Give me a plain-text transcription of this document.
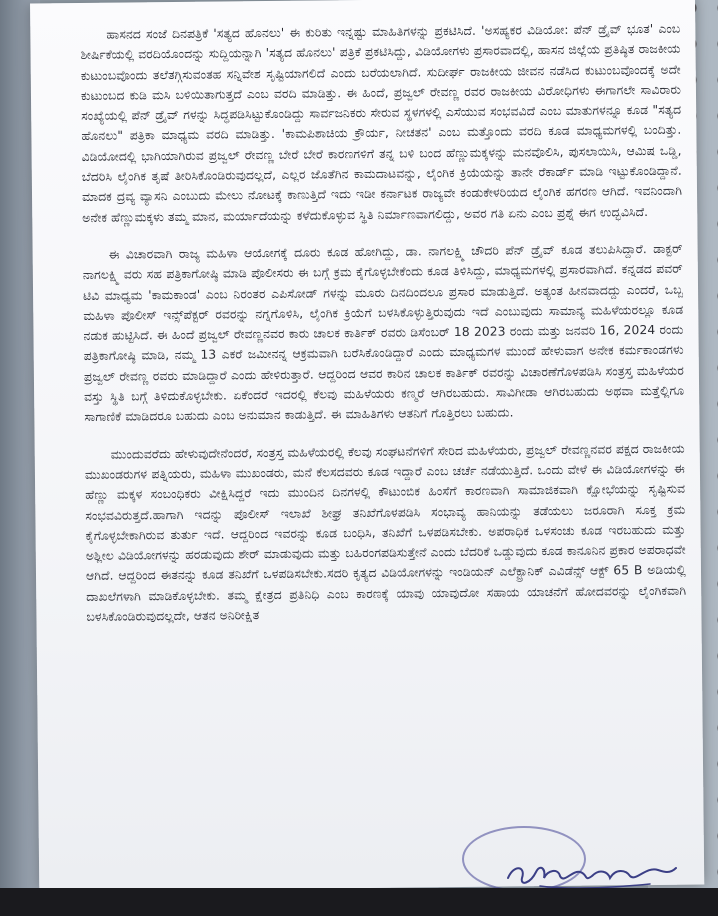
ಹಾಸನದ ಸಂಜೆ ದಿನಪತ್ರಿಕೆ 'ಸತ್ಯದ ಹೊನಲು' ಈ ಕುರಿತು ಇನ್ನಷ್ಟು ಮಾಹಿತಿಗಳನ್ನು ಪ್ರಕಟಿಸಿದೆ. 'ಅಸಹ್ಯಕರ ವಿಡಿಯೋ: ಪೆನ್ ಡ್ರೈವ್ ಭೂತ' ಎಂಬ ಶೀರ್ಷಿಕೆಯಲ್ಲಿ ವರದಿಯೊಂದನ್ನು ಸುದ್ದಿಯನ್ನಾಗಿ 'ಸತ್ಯದ ಹೊನಲು' ಪತ್ರಿಕೆ ಪ್ರಕಟಿಸಿದ್ದು, ವಿಡಿಯೋಗಳು ಪ್ರಸಾರವಾದಲ್ಲಿ, ಹಾಸನ ಜಿಲ್ಲೆಯ ಪ್ರತಿಷ್ಠಿತ ರಾಜಕೀಯ ಕುಟುಂಬವೊಂದು ತಲೆತಗ್ಗಿಸುವಂತಹ ಸನ್ನಿವೇಶ ಸೃಷ್ಟಿಯಾಗಲಿದೆ ಎಂದು ಬರೆಯಲಾಗಿದೆ. ಸುದೀರ್ಘ ರಾಜಕೀಯ ಜೀವನ ನಡೆಸಿದ ಕುಟುಂಬವೊಂದಕ್ಕೆ ಅದೇ ಕುಟುಂಬದ ಕುಡಿ ಮಸಿ ಬಳಿಯಿತಾಗುತ್ತದೆ ಎಂಬ ವರದಿ ಮಾಡಿತ್ತು. ಈ ಹಿಂದೆ, ಪ್ರಜ್ವಲ್ ರೇವಣ್ಣ ರವರ ರಾಜಕೀಯ ವಿರೋಧಿಗಳು ಈಗಾಗಲೇ ಸಾವಿರಾರು ಸಂಖ್ಯೆಯಲ್ಲಿ ಪೆನ್ ಡ್ರೈವ್ ಗಳನ್ನು ಸಿದ್ಧಪಡಿಸಿಟ್ಟುಕೊಂಡಿದ್ದು ಸಾರ್ವಜನಿಕರು ಸೇರುವ ಸ್ಥಳಗಳಲ್ಲಿ ಎಸೆಯುವ ಸಂಭವವಿದೆ ಎಂಬ ಮಾತುಗಳನ್ನೂ ಕೂಡ "ಸತ್ಯದ ಹೊನಲು" ಪತ್ರಿಕಾ ಮಾಧ್ಯಮ ವರದಿ ಮಾಡಿತ್ತು. 'ಕಾಮಪಿಶಾಚಿಯ ಕ್ರೌರ್ಯ, ನೀಚತನ' ಎಂಬ ಮತ್ತೊಂದು ವರದಿ ಕೂಡ ಮಾಧ್ಯಮಗಳಲ್ಲಿ ಬಂದಿತ್ತು. ವಿಡಿಯೋದಲ್ಲಿ ಭಾಗಿಯಾಗಿರುವ ಪ್ರಜ್ವಲ್ ರೇವಣ್ಣ ಬೇರೆ ಬೇರೆ ಕಾರಣಗಳಿಗೆ ತನ್ನ ಬಳಿ ಬಂದ ಹೆಣ್ಣುಮಕ್ಕಳನ್ನು ಮನವೊಲಿಸಿ, ಪುಸಲಾಯಿಸಿ, ಆಮಿಷ ಒಡ್ಡಿ, ಬೆದರಿಸಿ ಲೈಂಗಿಕ ತೃಷೆ ತೀರಿಸಿಕೊಂಡಿರುವುದಲ್ಲದೆ, ಎಲ್ಲರ ಜೊತೆಗಿನ ಕಾಮದಾಟವನ್ನು, ಲೈಂಗಿಕ ಕ್ರಿಯೆಯನ್ನು ತಾನೇ ರೆಕಾರ್ಡ್ ಮಾಡಿ ಇಟ್ಟುಕೊಂಡಿದ್ದಾನೆ. ಮಾದಕ ದ್ರವ್ಯ ವ್ಯಾಸನಿ ಎಂಬುದು ಮೇಲು ನೋಟಕ್ಕೆ ಕಾಣುತ್ತಿದೆ ಇದು ಇಡೀ ಕರ್ನಾಟಕ ರಾಜ್ಯವೇ ಕಂಡುಕೇಳರಿಯದ ಲೈಂಗಿಕ ಹಗರಣ ಆಗಿದೆ. ಇವನಿಂದಾಗಿ ಅನೇಕ ಹೆಣ್ಣುಮಕ್ಕಳು ತಮ್ಮ ಮಾನ, ಮರ್ಯಾದೆಯನ್ನು ಕಳೆದುಕೊಳ್ಳುವ ಸ್ಥಿತಿ ನಿರ್ಮಾಣವಾಗಲಿದ್ದು, ಅವರ ಗತಿ ಏನು ಎಂಬ ಪ್ರಶ್ನೆ ಈಗ ಉದ್ಭವಿಸಿದೆ.

ಈ ವಿಚಾರವಾಗಿ ರಾಜ್ಯ ಮಹಿಳಾ ಆಯೋಗಕ್ಕೆ ದೂರು ಕೂಡ ಹೋಗಿದ್ದು, ಡಾ. ನಾಗಲಕ್ಷ್ಮಿ ಚೌದರಿ ಪೆನ್ ಡ್ರೈವ್ ಕೂಡ ತಲುಪಿಸಿದ್ದಾರೆ. ಡಾಕ್ಟರ್ ನಾಗಲಕ್ಷ್ಮಿ ವರು ಸಹ ಪತ್ರಿಕಾಗೋಷ್ಠಿ ಮಾಡಿ ಪೊಲೀಸರು ಈ ಬಗ್ಗೆ ಕ್ರಮ ಕೈಗೊಳ್ಳಬೇಕೆಂದು ಕೂಡ ತಿಳಿಸಿದ್ದು, ಮಾಧ್ಯಮಗಳಲ್ಲಿ ಪ್ರಸಾರವಾಗಿದೆ. ಕನ್ನಡದ ಪವರ್ ಟಿವಿ ಮಾಧ್ಯಮ 'ಕಾಮಕಾಂಡ' ಎಂಬ ನಿರಂತರ ಎಪಿಸೋಡ್ ಗಳನ್ನು ಮೂರು ದಿನದಿಂದಲೂ ಪ್ರಸಾರ ಮಾಡುತ್ತಿದೆ. ಅತ್ಯಂತ ಹೀನವಾದದ್ದು ಎಂದರೆ, ಒಬ್ಬ ಮಹಿಳಾ ಪೊಲೀಸ್ ಇನ್ಸ್‌ಪೆಕ್ಟರ್ ರವರನ್ನು ನಗ್ನಗೊಳಿಸಿ, ಲೈಂಗಿಕ ಕ್ರಿಯೆಗೆ ಬಳಸಿಕೊಳ್ಳುತ್ತಿರುವುದು ಇದೆ ಎಂಬುವುದು ಸಾಮಾನ್ಯ ಮಹಿಳೆಯರಲ್ಲೂ ಕೂಡ ನಡುಕ ಹುಟ್ಟಿಸಿದೆ. ಈ ಹಿಂದೆ ಪ್ರಜ್ವಲ್ ರೇವಣ್ಣನವರ ಕಾರು ಚಾಲಕ ಕಾರ್ತಿಕ್ ರವರು ಡಿಸೆಂಬರ್ 18 2023 ರಂದು ಮತ್ತು ಜನವರಿ 16, 2024 ರಂದು ಪತ್ರಿಕಾಗೋಷ್ಠಿ ಮಾಡಿ, ನಮ್ಮ 13 ಎಕರೆ ಜಮೀನನ್ನ ಆಕ್ರಮವಾಗಿ ಬರೆಸಿಕೊಂಡಿದ್ದಾರೆ ಎಂದು ಮಾಧ್ಯಮಗಳ ಮುಂದೆ ಹೇಳುವಾಗ ಅನೇಕ ಕರ್ಮಕಾಂಡಗಳು ಪ್ರಜ್ವಲ್ ರೇವಣ್ಣ ರವರು ಮಾಡಿದ್ದಾರೆ ಎಂದು ಹೇಳಿರುತ್ತಾರೆ. ಆದ್ದರಿಂದ ಆವರ ಕಾರಿನ ಚಾಲಕ ಕಾರ್ತಿಕ್ ರವರನ್ನು ವಿಚಾರಣೆಗೊಳಪಡಿಸಿ ಸಂತ್ರಸ್ತ ಮಹಿಳೆಯರ ವಸ್ತು ಸ್ಥಿತಿ ಬಗ್ಗೆ ತಿಳಿದುಕೊಳ್ಳಬೇಕು. ಏಕೆಂದರೆ ಇದರಲ್ಲಿ ಕೆಲವು ಮಹಿಳೆಯರು ಕಣ್ಮರೆ ಆಗಿರಬಹುದು. ಸಾವಿಗೀಡಾ ಆಗಿರಬಹುದು ಅಥವಾ ಮತ್ತೆಲ್ಲಿಗೂ ಸಾಗಾಣಿಕೆ ಮಾಡಿದರೂ ಬಹುದು ಎಂಬ ಅನುಮಾನ ಕಾಡುತ್ತಿದೆ. ಈ ಮಾಹಿತಿಗಳು ಆತನಿಗೆ ಗೊತ್ತಿರಲು ಬಹುದು.

ಮುಂದುವರೆದು ಹೇಳುವುದೇನೆಂದರೆ, ಸಂತ್ರಸ್ತ ಮಹಿಳೆಯರಲ್ಲಿ ಕೆಲವು ಸಂಘಟನೆಗಳಿಗೆ ಸೇರಿದ ಮಹಿಳೆಯರು, ಪ್ರಜ್ವಲ್ ರೇವಣ್ಣನವರ ಪಕ್ಷದ ರಾಜಕೀಯ ಮುಖಂಡರುಗಳ ಪತ್ನಿಯರು, ಮಹಿಳಾ ಮುಖಂಡರು, ಮನೆ ಕೆಲಸದವರು ಕೂಡ ಇದ್ದಾರೆ ಎಂಬ ಚರ್ಚೆ ನಡೆಯುತ್ತಿದೆ. ಒಂದು ವೇಳೆ ಈ ವಿಡಿಯೋಗಳನ್ನು ಈ ಹೆಣ್ಣು ಮಕ್ಕಳ ಸಂಬಂಧಿಕರು ವೀಕ್ಷಿಸಿದ್ದರೆ ಇದು ಮುಂದಿನ ದಿನಗಳಲ್ಲಿ ಕೌಟುಂಬಿಕ ಹಿಂಸೆಗೆ ಕಾರಣವಾಗಿ ಸಾಮಾಜಿಕವಾಗಿ ಕ್ಷೋಭೆಯನ್ನು ಸೃಷ್ಟಿಸುವ ಸಂಭವವಿರುತ್ತದೆ.ಹಾಗಾಗಿ ಇದನ್ನು ಪೊಲೀಸ್ ಇಲಾಖೆ ಶೀಘ್ರ ತನಿಖೆಗೊಳಪಡಿಸಿ ಸಂಭಾವ್ಯ ಹಾನಿಯನ್ನು ತಡೆಯಲು ಜರೂರಾಗಿ ಸೂಕ್ತ ಕ್ರಮ ಕೈಗೊಳ್ಳಬೇಕಾಗಿರುವ ತುರ್ತು ಇದೆ. ಆದ್ದರಿಂದ ಇವರನ್ನು ಕೂಡ ಬಂಧಿಸಿ, ತನಿಖೆಗೆ ಒಳಪಡಿಸಬೇಕು. ಅಪರಾಧಿಕ ಒಳಸಂಚು ಕೂಡ ಇರಬಹುದು ಮತ್ತು ಅಶ್ಲೀಲ ವಿಡಿಯೋಗಳನ್ನು ಹರಡುವುದು ಶೇರ್ ಮಾಡುವುದು ಮತ್ತು ಬಹಿರಂಗಪಡಿಸುತ್ತೇನೆ ಎಂದು ಬೆದರಿಕೆ ಒಡ್ಡುವುದು ಕೂಡ ಕಾನೂನಿನ ಪ್ರಕಾರ ಅಪರಾಧವೇ ಆಗಿದೆ. ಆದ್ದರಿಂದ ಈತನನ್ನು ಕೂಡ ತನಿಖೆಗೆ ಒಳಪಡಿಸಬೇಕು.ಸದರಿ ಕೃತ್ಯದ ವಿಡಿಯೋಗಳನ್ನು ಇಂಡಿಯನ್ ಎಲೆಕ್ಟ್ರಾನಿಕ್ ಎವಿಡೆನ್ಸ್ ಆಕ್ಟ್ 65 B ಅಡಿಯಲ್ಲಿ ದಾಖಲೆಗಳಾಗಿ ಮಾಡಿಕೊಳ್ಳಬೇಕು. ತಮ್ಮ ಕ್ಷೇತ್ರದ ಪ್ರತಿನಿಧಿ ಎಂಬ ಕಾರಣಕ್ಕೆ ಯಾವು ಯಾವುದೋ ಸಹಾಯ ಯಾಚನೆಗೆ ಹೋದವರನ್ನು ಲೈಂಗಿಕವಾಗಿ ಬಳಸಿಕೊಂಡಿರುವುದಲ್ಲದೇ, ಆತನ ಅನಿರೀಕ್ಷಿತ
